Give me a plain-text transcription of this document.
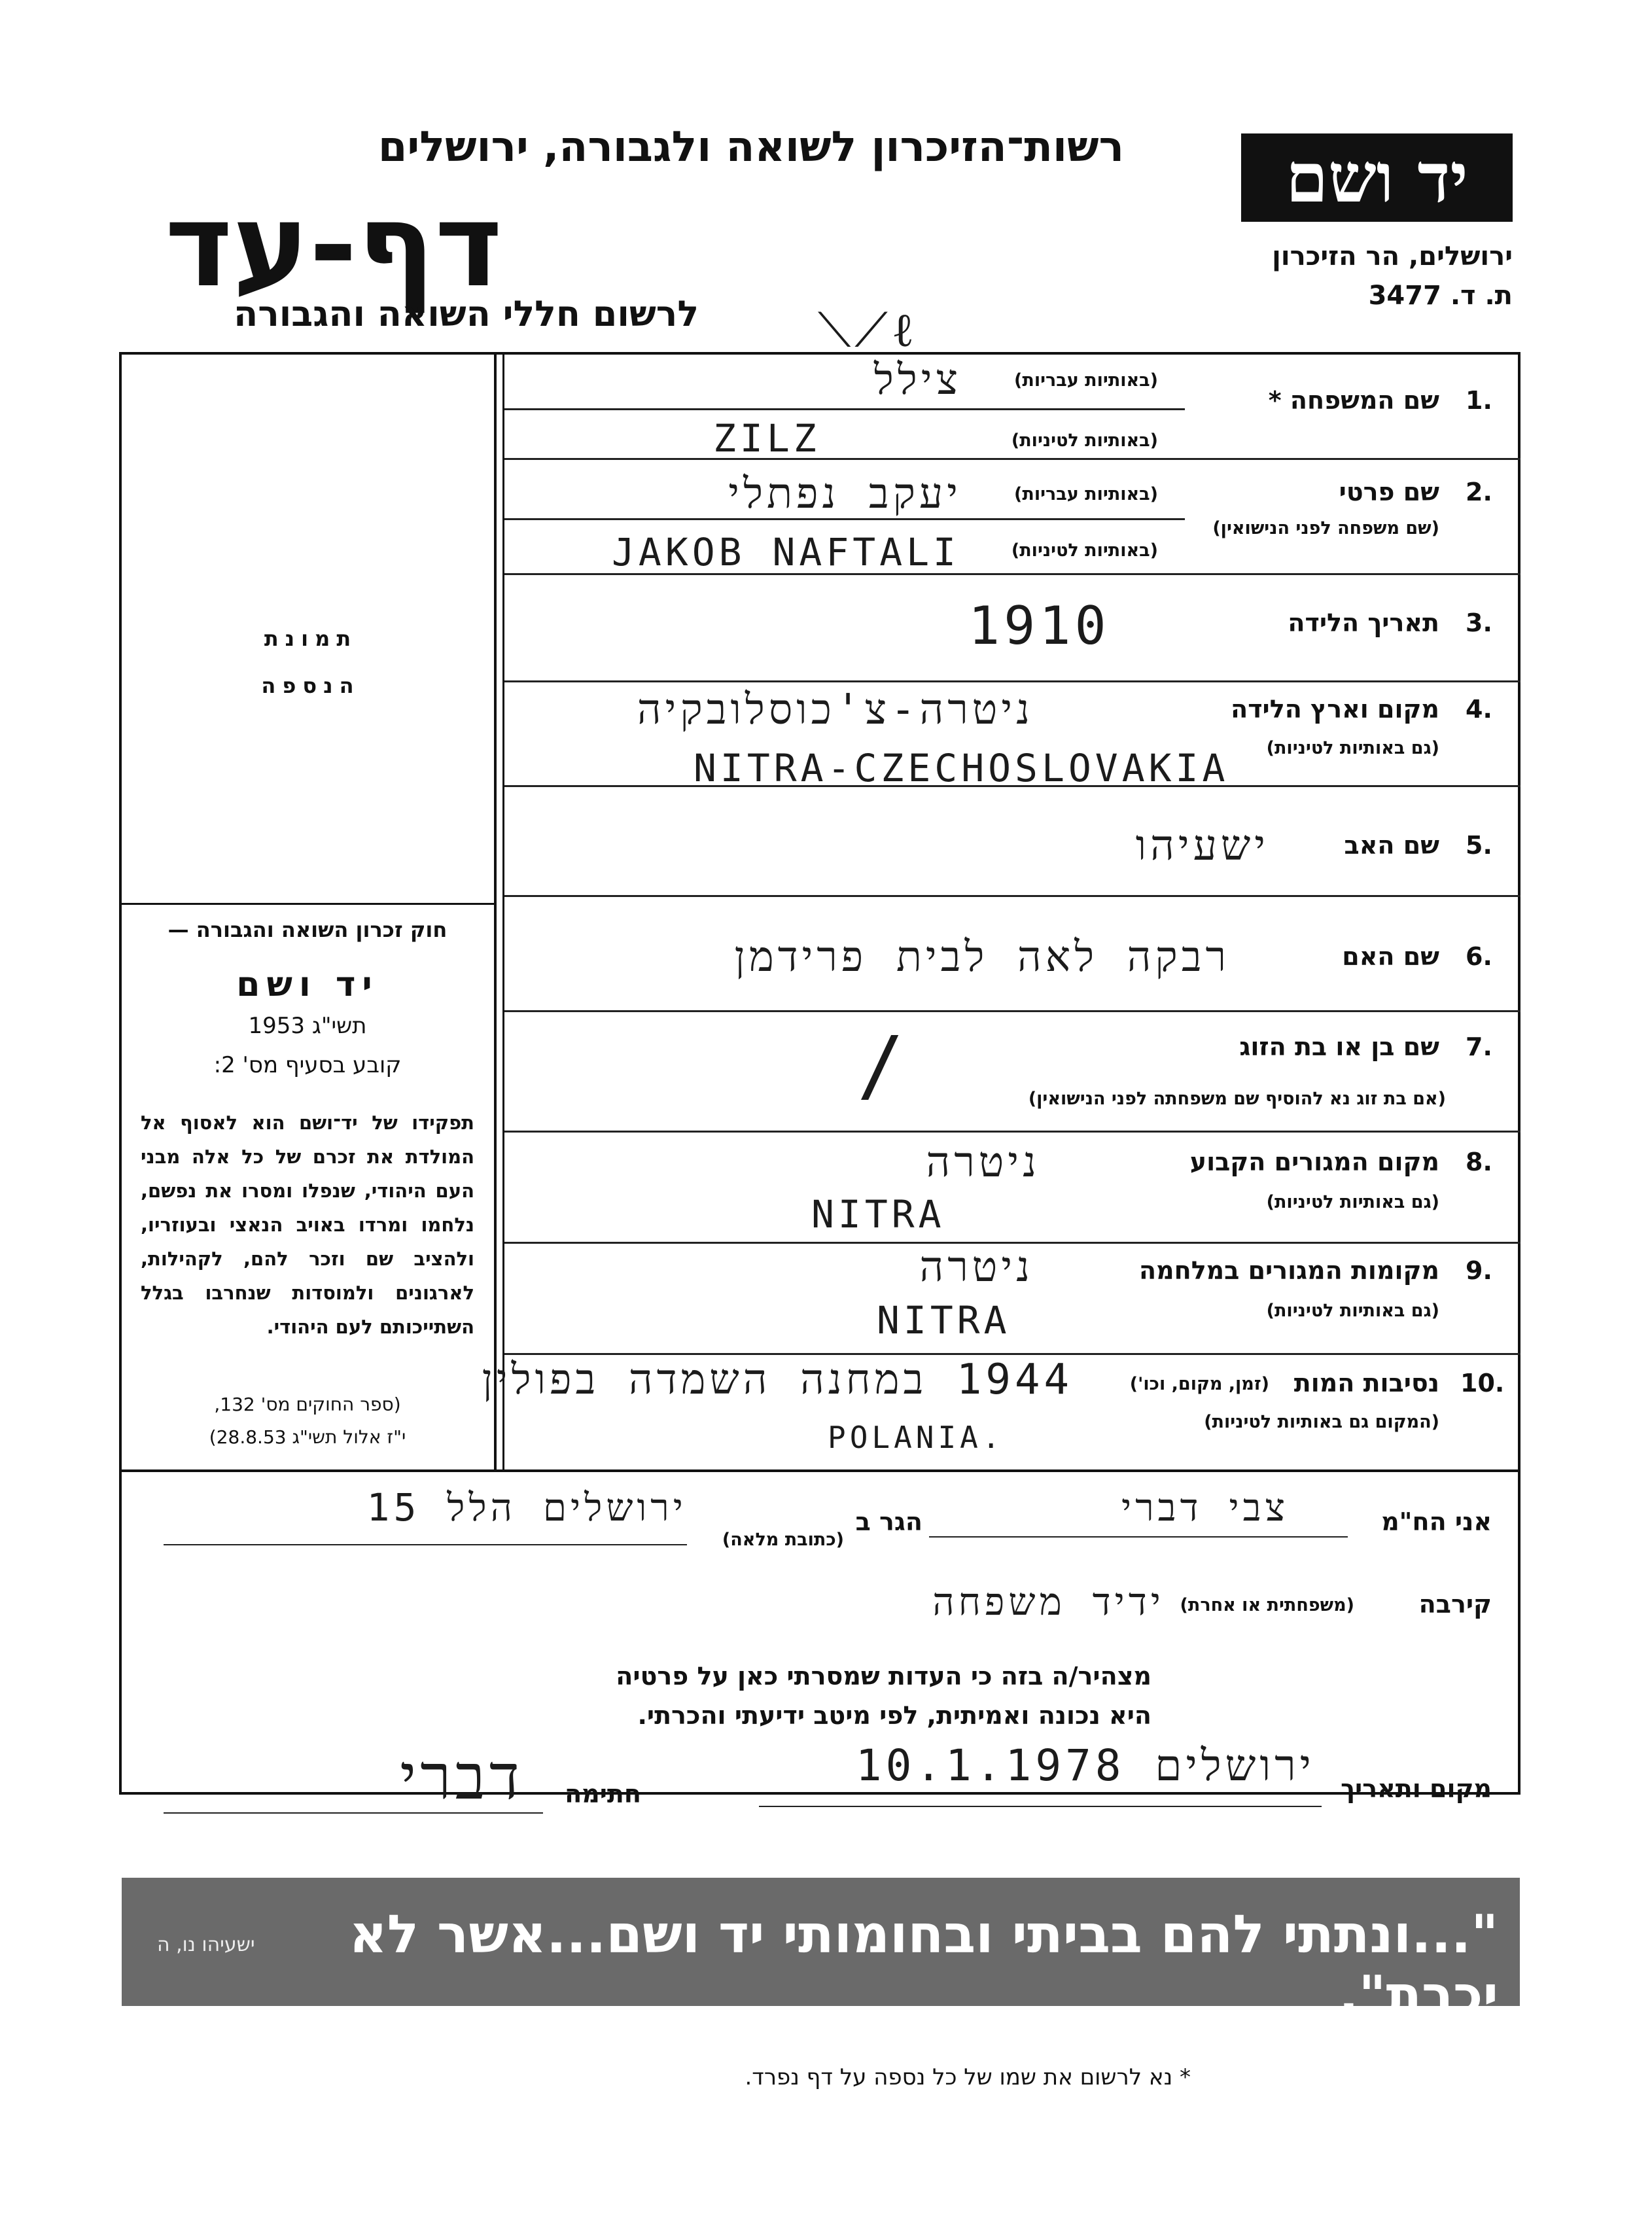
יד ושם
ירושלים, הר הזיכרון
ת. ד. 3477
רשות־הזיכרון לשואה ולגבורה, ירושלים
דף-עד
לרשום חללי השואה והגבורה	⟍⟋ℓ
1.
שם המשפחה *
(באותיות עבריות)
(באותיות לטיניות)
צילל
ZILZ
2.
שם פרטי
(שם משפחה לפני הנישואין)
(באותיות עבריות)
(באותיות לטיניות)
יעקב נפתלי
JAKOB NAFTALI
3.
תאריך הלידה
1910
4.
מקום וארץ הלידה
(גם באותיות לטיניות)
ניטרה-צ'כוסלובקיה
NITRA-CZECHOSLOVAKIA
5.
שם האב
ישעיהו
6.
שם האם
רבקה לאה לבית פרידמן
7.
שם בן או בת הזוג
(אם בת זוג נא להוסיף שם משפחתה לפני הנישואין)
/
8.
מקום המגורים הקבוע
(גם באותיות לטיניות)
ניטרה
NITRA
9.
מקומות המגורים במלחמה
(גם באותיות לטיניות)
ניטרה
NITRA
10.
נסיבות המות
(זמן, מקום, וכו')
(המקום גם באותיות לטיניות)
1944 במחנה השמדה בפולין
POLANIA.
תמונת
הנספה
חוק זכרון השואה והגבורה —
יד ושם
תשי"ג 1953
קובע בסעיף מס' 2:
תפקידו של יד־ושם הוא לאסוף אל המולדת את זכרם של כל אלה מבני העם היהודי, שנפלו ומסרו את נפשם, נלחמו ומרדו באויב הנאצי ובעוזריו, ולהציב שם וזכר להם, לקהילות, לארגונים ולמוסדות שנחרבו בגלל השתייכותם לעם היהודי.
(ספר החוקים מס' 132,
י"ז אלול תשי"ג 28.8.53)
אני הח"מ
צבי דברי
הגר ב
(כתובת מלאה)
ירושלים הלל 15
קירבה
(משפחתית או אחרת)
ידיד משפחה
מצהיר/ה בזה כי העדות שמסרתי כאן על פרטיה
היא נכונה ואמיתית, לפי מיטב ידיעתי והכרתי.
מקום ותאריך
ירושלים 10.1.1978
חתימה
דברי
"...ונתתי להם בביתי ובחומותי יד ושם...אשר לא יכרת".
ישעיהו נו, ה
* נא לרשום את שמו של כל נספה על דף נפרד.
